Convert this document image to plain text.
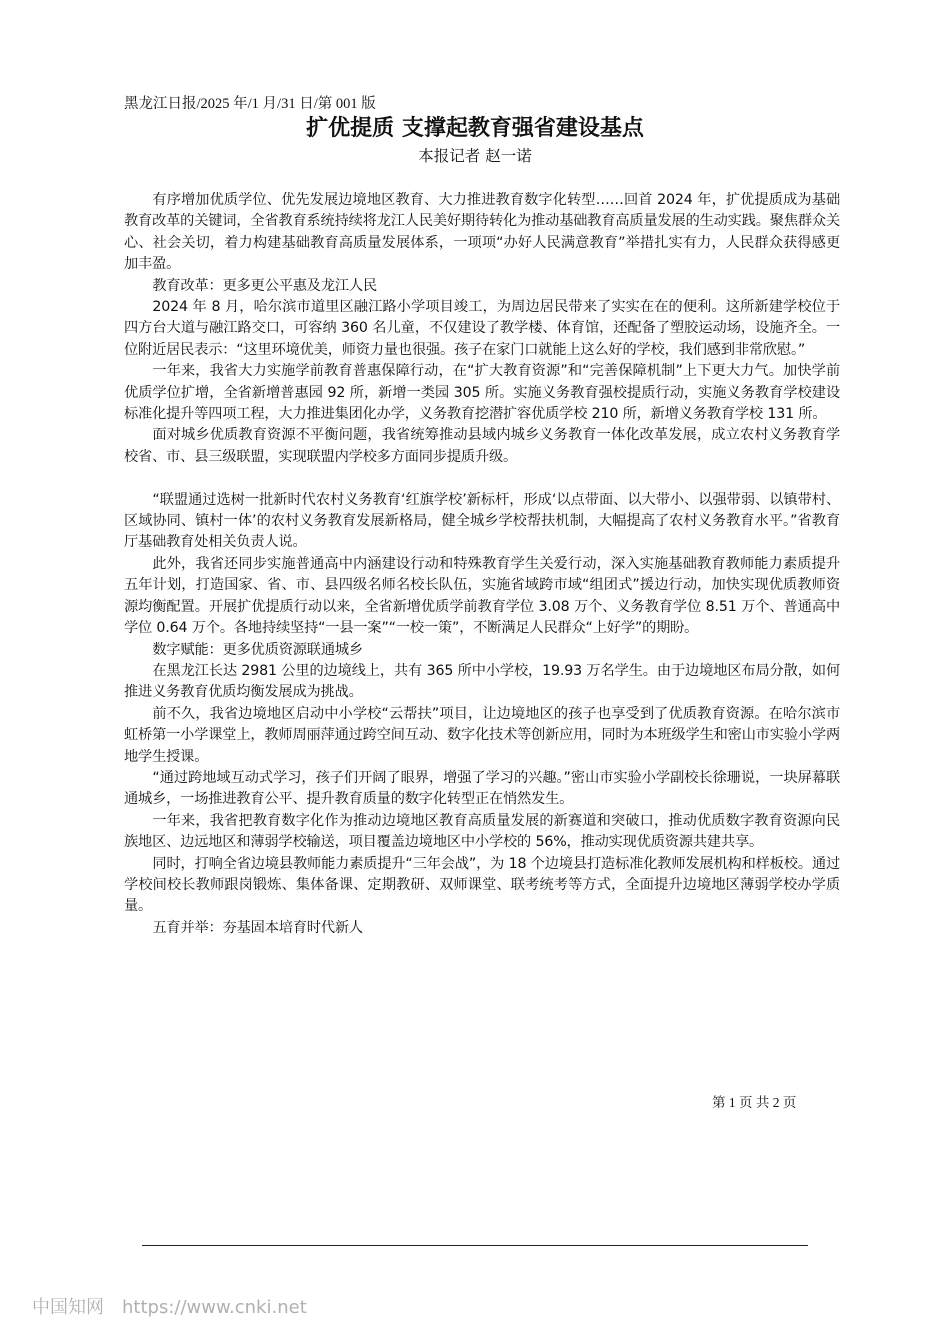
黑龙江日报/2025 年/1 月/31 日/第 001 版
扩优提质 支撑起教育强省建设基点
本报记者 赵一诺

有序增加优质学位、优先发展边境地区教育、大力推进教育数字化转型……回首 2024 年，扩优提质成为基础教育改革的关键词，全省教育系统持续将龙江人民美好期待转化为推动基础教育高质量发展的生动实践。聚焦群众关心、社会关切，着力构建基础教育高质量发展体系，一项项“办好人民满意教育”举措扎实有力，人民群众获得感更加丰盈。

教育改革：更多更公平惠及龙江人民

2024 年 8 月，哈尔滨市道里区融江路小学项目竣工，为周边居民带来了实实在在的便利。这所新建学校位于四方台大道与融江路交口，可容纳 360 名儿童，不仅建设了教学楼、体育馆，还配备了塑胶运动场，设施齐全。一位附近居民表示：“这里环境优美，师资力量也很强。孩子在家门口就能上这么好的学校，我们感到非常欣慰。”

一年来，我省大力实施学前教育普惠保障行动，在“扩大教育资源”和“完善保障机制”上下更大力气。加快学前优质学位扩增，全省新增普惠园 92 所，新增一类园 305 所。实施义务教育强校提质行动，实施义务教育学校建设标准化提升等四项工程，大力推进集团化办学，义务教育挖潜扩容优质学校 210 所，新增义务教育学校 131 所。

面对城乡优质教育资源不平衡问题，我省统筹推动县域内城乡义务教育一体化改革发展，成立农村义务教育学校省、市、县三级联盟，实现联盟内学校多方面同步提质升级。

“联盟通过选树一批新时代农村义务教育‘红旗学校’新标杆，形成‘以点带面、以大带小、以强带弱、以镇带村、区域协同、镇村一体’的农村义务教育发展新格局，健全城乡学校帮扶机制，大幅提高了农村义务教育水平。”省教育厅基础教育处相关负责人说。

此外，我省还同步实施普通高中内涵建设行动和特殊教育学生关爱行动，深入实施基础教育教师能力素质提升五年计划，打造国家、省、市、县四级名师名校长队伍，实施省域跨市域“组团式”援边行动，加快实现优质教师资源均衡配置。开展扩优提质行动以来，全省新增优质学前教育学位 3.08 万个、义务教育学位 8.51 万个、普通高中学位 0.64 万个。各地持续坚持“一县一案”“一校一策”，不断满足人民群众“上好学”的期盼。

数字赋能：更多优质资源联通城乡

在黑龙江长达 2981 公里的边境线上，共有 365 所中小学校，19.93 万名学生。由于边境地区布局分散，如何推进义务教育优质均衡发展成为挑战。

前不久，我省边境地区启动中小学校“云帮扶”项目，让边境地区的孩子也享受到了优质教育资源。在哈尔滨市虹桥第一小学课堂上，教师周丽萍通过跨空间互动、数字化技术等创新应用，同时为本班级学生和密山市实验小学两地学生授课。

“通过跨地域互动式学习，孩子们开阔了眼界，增强了学习的兴趣。”密山市实验小学副校长徐珊说，一块屏幕联通城乡，一场推进教育公平、提升教育质量的数字化转型正在悄然发生。

一年来，我省把教育数字化作为推动边境地区教育高质量发展的新赛道和突破口，推动优质数字教育资源向民族地区、边远地区和薄弱学校输送，项目覆盖边境地区中小学校的 56%，推动实现优质资源共建共享。

同时，打响全省边境县教师能力素质提升“三年会战”，为 18 个边境县打造标准化教师发展机构和样板校。通过学校间校长教师跟岗锻炼、集体备课、定期教研、双师课堂、联考统考等方式，全面提升边境地区薄弱学校办学质量。

五育并举：夯基固本培育时代新人

第 1 页 共 2 页
中国知网 https://www.cnki.net
